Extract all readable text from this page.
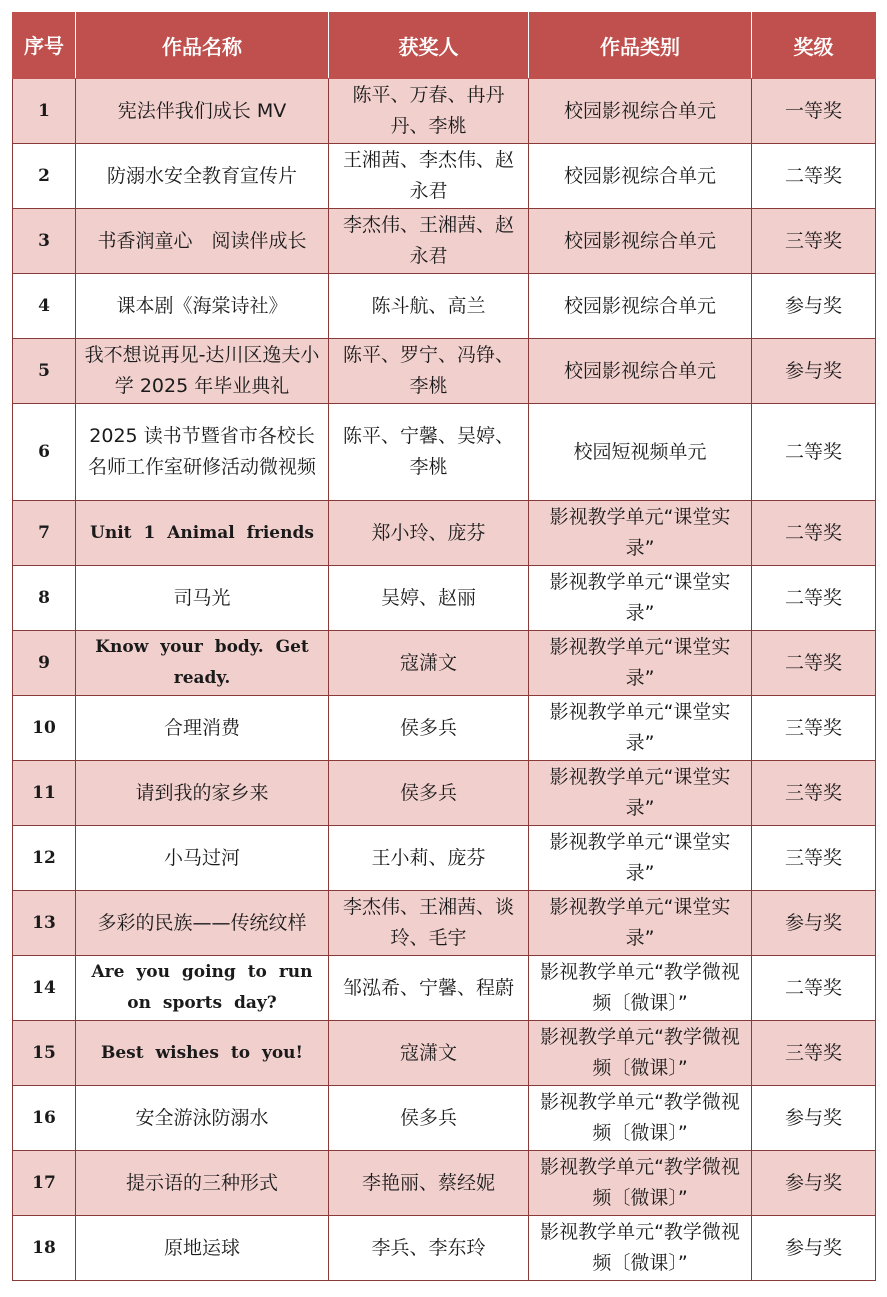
序号	作品名称	获奖人	作品类别	奖级
1	宪法伴我们成长 MV	陈平、万春、冉丹丹、李桃	校园影视综合单元	一等奖
2	防溺水安全教育宣传片	王湘茜、李杰伟、赵永君	校园影视综合单元	二等奖
3	书香润童心　阅读伴成长	李杰伟、王湘茜、赵永君	校园影视综合单元	三等奖
4	课本剧《海棠诗社》	陈斗航、高兰	校园影视综合单元	参与奖
5	我不想说再见-达川区逸夫小学 2025 年毕业典礼	陈平、罗宁、冯铮、李桃	校园影视综合单元	参与奖
6	2025 读书节暨省市各校长名师工作室研修活动微视频	陈平、宁馨、吴婷、李桃	校园短视频单元	二等奖
7	Unit 1 Animal friends	郑小玲、庞芬	影视教学单元“课堂实录”	二等奖
8	司马光	吴婷、赵丽	影视教学单元“课堂实录”	二等奖
9	Know your body. Get ready.	寇潇文	影视教学单元“课堂实录”	二等奖
10	合理消费	侯多兵	影视教学单元“课堂实录”	三等奖
11	请到我的家乡来	侯多兵	影视教学单元“课堂实录”	三等奖
12	小马过河	王小莉、庞芬	影视教学单元“课堂实录”	三等奖
13	多彩的民族——传统纹样	李杰伟、王湘茜、谈玲、毛宇	影视教学单元“课堂实录”	参与奖
14	Are you going to run on sports day?	邹泓希、宁馨、程蔚	影视教学单元“教学微视频〔微课〕”	二等奖
15	Best wishes to you!	寇潇文	影视教学单元“教学微视频〔微课〕”	三等奖
16	安全游泳防溺水	侯多兵	影视教学单元“教学微视频〔微课〕”	参与奖
17	提示语的三种形式	李艳丽、蔡经妮	影视教学单元“教学微视频〔微课〕”	参与奖
18	原地运球	李兵、李东玲	影视教学单元“教学微视频〔微课〕”	参与奖
